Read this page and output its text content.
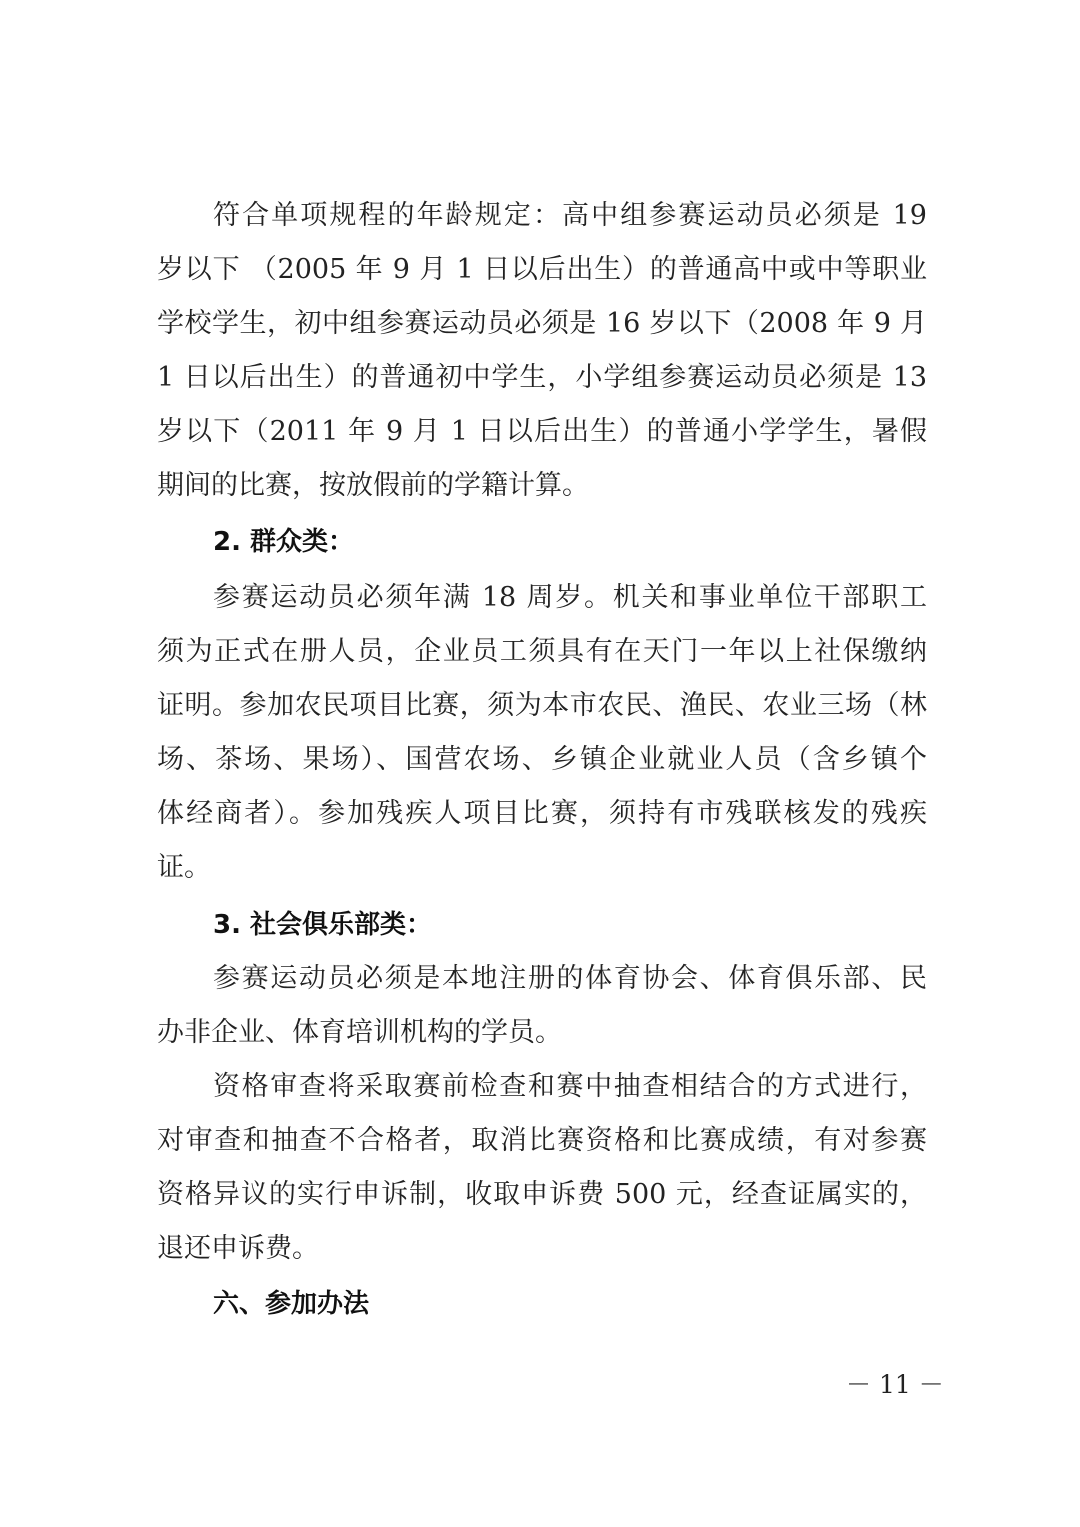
符合单项规程的年龄规定：高中组参赛运动员必须是 19
岁以下 （2005 年 9 月 1 日以后出生）的普通高中或中等职业
学校学生，初中组参赛运动员必须是 16 岁以下（2008 年 9 月
1 日以后出生）的普通初中学生，小学组参赛运动员必须是 13
岁以下（2011 年 9 月 1 日以后出生）的普通小学学生，暑假
期间的比赛，按放假前的学籍计算。
2. 群众类：
参赛运动员必须年满 18 周岁。机关和事业单位干部职工
须为正式在册人员，企业员工须具有在天门一年以上社保缴纳
证明。参加农民项目比赛，须为本市农民、渔民、农业三场（林
场、茶场、果场）、国营农场、乡镇企业就业人员（含乡镇个
体经商者）。参加残疾人项目比赛，须持有市残联核发的残疾
证。
3. 社会俱乐部类：
参赛运动员必须是本地注册的体育协会、体育俱乐部、民
办非企业、体育培训机构的学员。
资格审查将采取赛前检查和赛中抽查相结合的方式进行，
对审查和抽查不合格者，取消比赛资格和比赛成绩，有对参赛
资格异议的实行申诉制，收取申诉费 500 元，经查证属实的，
退还申诉费。
六、参加办法
－ 11 －
